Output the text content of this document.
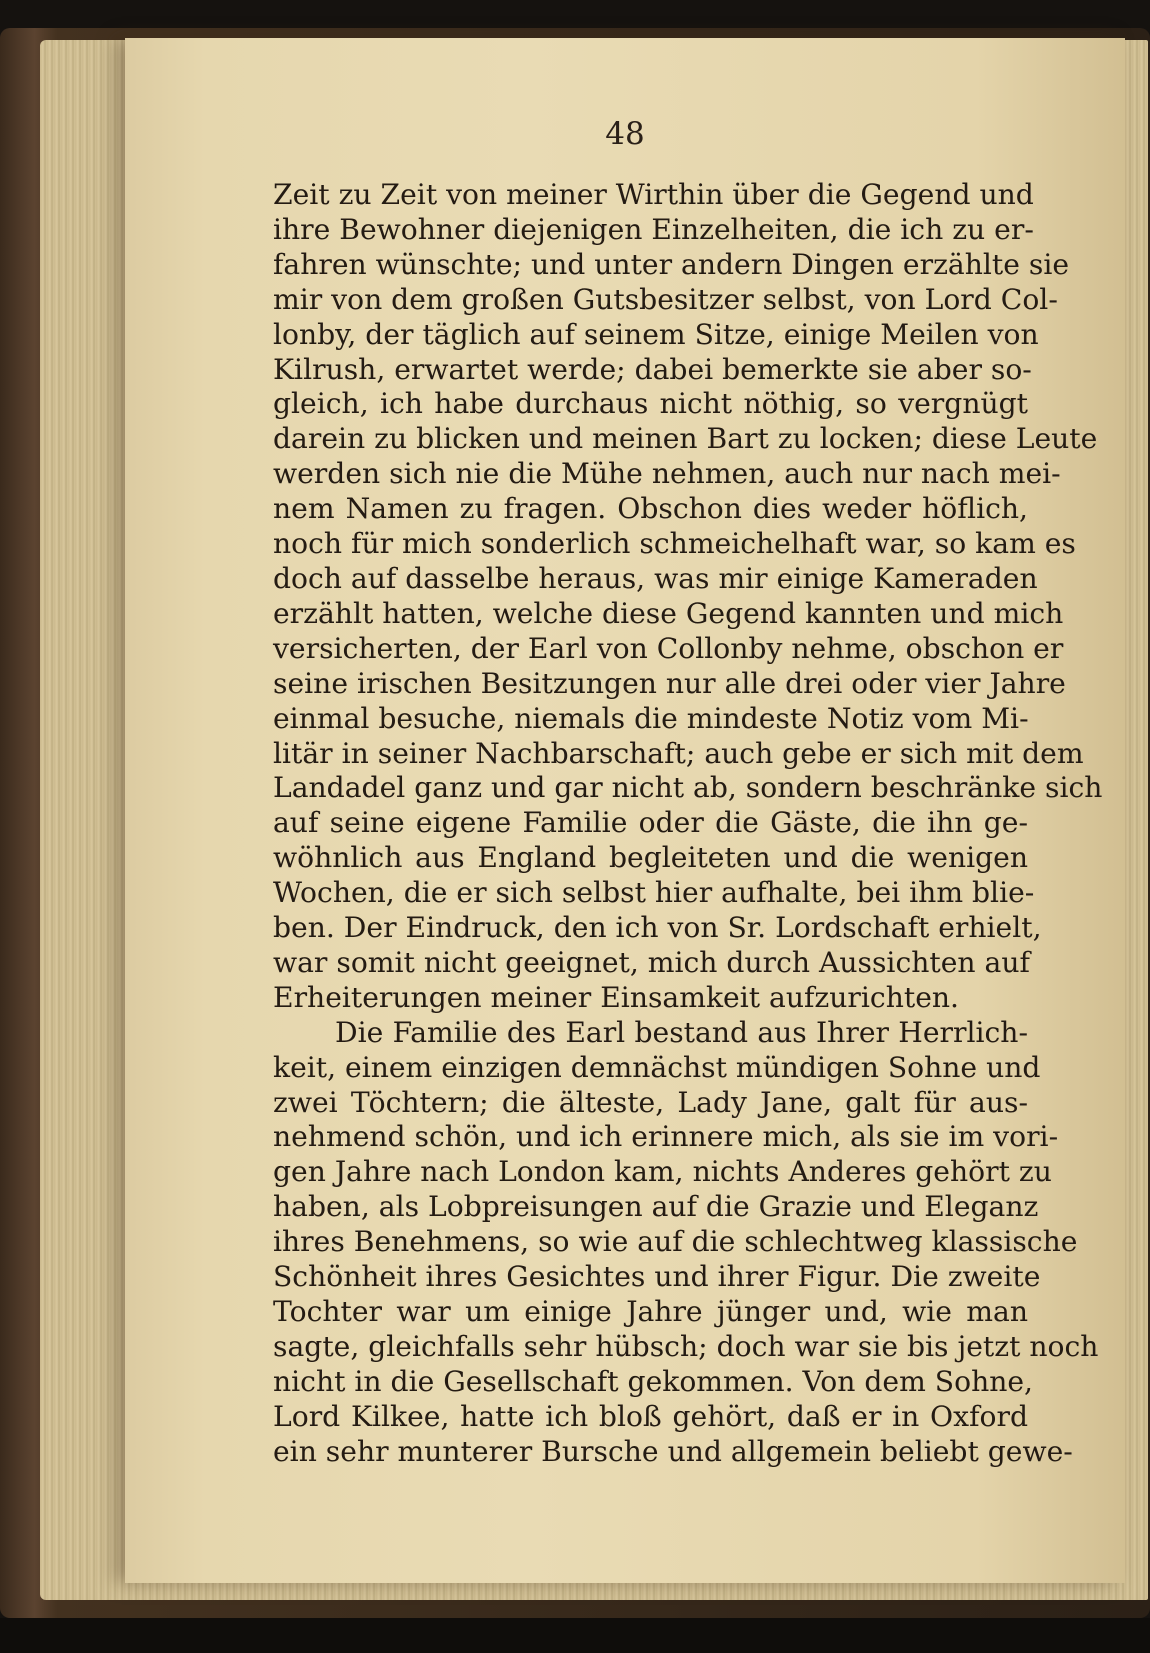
48
Zeit zu Zeit von meiner Wirthin über die Gegend und
ihre Bewohner diejenigen Einzelheiten, die ich zu er-
fahren wünschte; und unter andern Dingen erzählte sie
mir von dem großen Gutsbesitzer selbst, von Lord Col-
lonby, der täglich auf seinem Sitze, einige Meilen von
Kilrush, erwartet werde; dabei bemerkte sie aber so-
gleich, ich habe durchaus nicht nöthig, so vergnügt
darein zu blicken und meinen Bart zu locken; diese Leute
werden sich nie die Mühe nehmen, auch nur nach mei-
nem Namen zu fragen. Obschon dies weder höflich,
noch für mich sonderlich schmeichelhaft war, so kam es
doch auf dasselbe heraus, was mir einige Kameraden
erzählt hatten, welche diese Gegend kannten und mich
versicherten, der Earl von Collonby nehme, obschon er
seine irischen Besitzungen nur alle drei oder vier Jahre
einmal besuche, niemals die mindeste Notiz vom Mi-
litär in seiner Nachbarschaft; auch gebe er sich mit dem
Landadel ganz und gar nicht ab, sondern beschränke sich
auf seine eigene Familie oder die Gäste, die ihn ge-
wöhnlich aus England begleiteten und die wenigen
Wochen, die er sich selbst hier aufhalte, bei ihm blie-
ben. Der Eindruck, den ich von Sr. Lordschaft erhielt,
war somit nicht geeignet, mich durch Aussichten auf
Erheiterungen meiner Einsamkeit aufzurichten.
Die Familie des Earl bestand aus Ihrer Herrlich-
keit, einem einzigen demnächst mündigen Sohne und
zwei Töchtern; die älteste, Lady Jane, galt für aus-
nehmend schön, und ich erinnere mich, als sie im vori-
gen Jahre nach London kam, nichts Anderes gehört zu
haben, als Lobpreisungen auf die Grazie und Eleganz
ihres Benehmens, so wie auf die schlechtweg klassische
Schönheit ihres Gesichtes und ihrer Figur. Die zweite
Tochter war um einige Jahre jünger und, wie man
sagte, gleichfalls sehr hübsch; doch war sie bis jetzt noch
nicht in die Gesellschaft gekommen. Von dem Sohne,
Lord Kilkee, hatte ich bloß gehört, daß er in Oxford
ein sehr munterer Bursche und allgemein beliebt gewe-
